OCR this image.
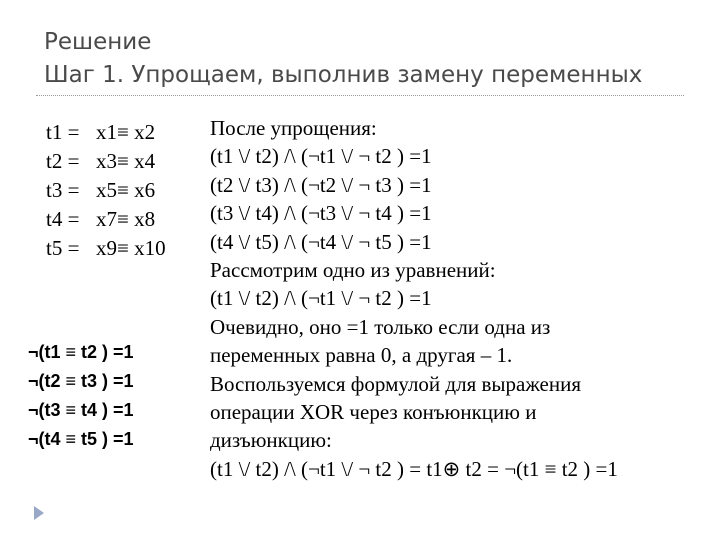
Решение
Шаг 1. Упрощаем, выполнив замену переменных
t1 = x1≡ x2
t2 = x3≡ x4
t3 = x5≡ x6
t4 = x7≡ x8
t5 = x9≡ x10
¬(t1 ≡ t2 ) =1
¬(t2 ≡ t3 ) =1
¬(t3 ≡ t4 ) =1
¬(t4 ≡ t5 ) =1
После упрощения:
(t1 \/ t2) /\ (¬t1 \/ ¬ t2 ) =1
(t2 \/ t3) /\ (¬t2 \/ ¬ t3 ) =1
(t3 \/ t4) /\ (¬t3 \/ ¬ t4 ) =1
(t4 \/ t5) /\ (¬t4 \/ ¬ t5 ) =1
Рассмотрим одно из уравнений:
(t1 \/ t2) /\ (¬t1 \/ ¬ t2 ) =1
Очевидно, оно =1 только если одна из
переменных равна 0, а другая – 1.
Воспользуемся формулой для выражения
операции XOR через конъюнкцию и
дизъюнкцию:
(t1 \/ t2) /\ (¬t1 \/ ¬ t2 ) = t1⊕ t2 = ¬(t1 ≡ t2 ) =1
